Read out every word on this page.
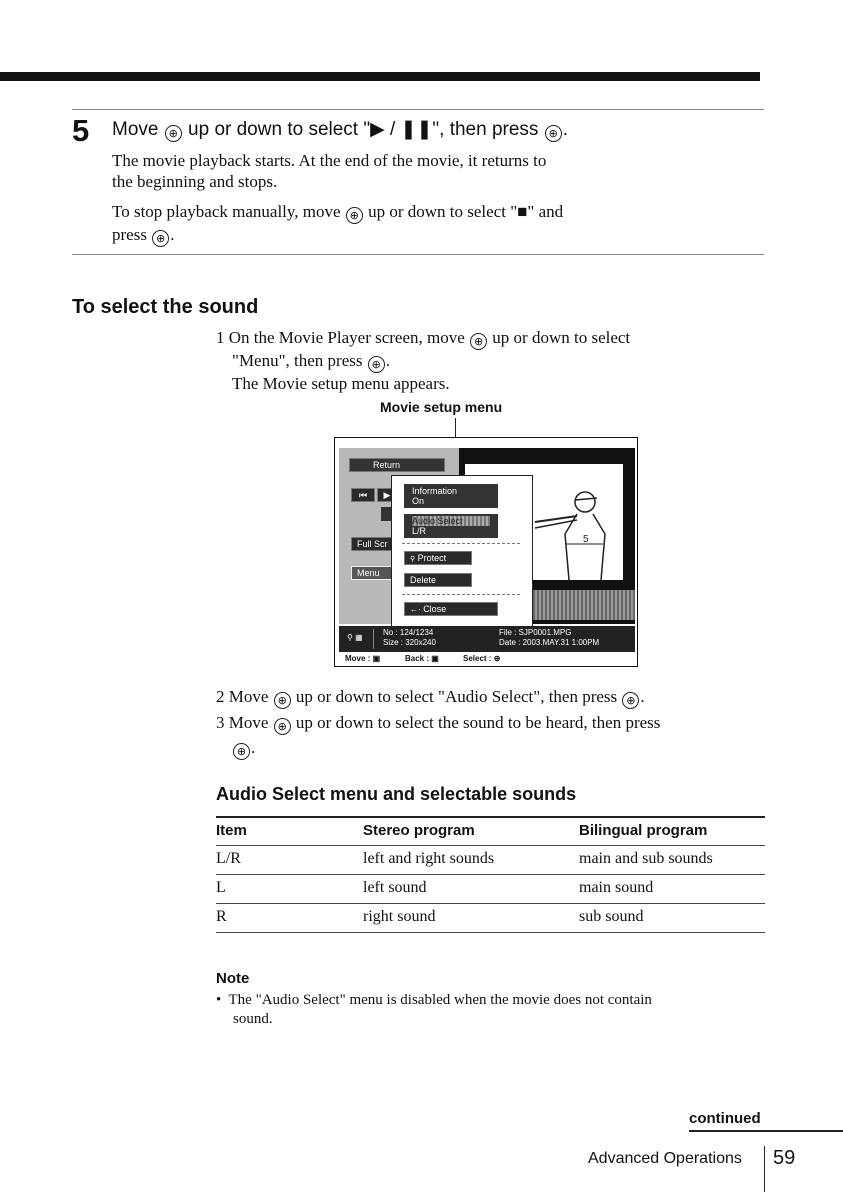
5 Move ⊕ up or down to select "▶ / ❚❚", then press ⊕ .
The movie playback starts. At the end of the movie, it returns to
the beginning and stops.
To stop playback manually, move ⊕ up or down to select "■" and
press ⊕ .
To select the sound
1 On the Movie Player screen, move ⊕ up or down to select
"Menu", then press ⊕ .
The Movie setup menu appears.
Movie setup menu
Return
⏮	▶
Full Scr
Menu
5
Information
On
Audio Select
L/R
⚲ Protect
Delete
←· Close
⚲ ▦
No : 124/1234
Size : 320x240
File : SJP0001.MPG
Date : 2003.MAY.31 1:00PM
Move : ▣	Back : ▣	Select : ⊕
2 Move ⊕ up or down to select "Audio Select", then press ⊕ .
3 Move ⊕ up or down to select the sound to be heard, then press
⊕ .
Audio Select menu and selectable sounds
Item	Stereo program	Bilingual program
L/R	left and right sounds	main and sub sounds
L	left sound	main sound
R	right sound	sub sound
Note
• The "Audio Select" menu is disabled when the movie does not contain
sound.
continued
Advanced Operations 59
